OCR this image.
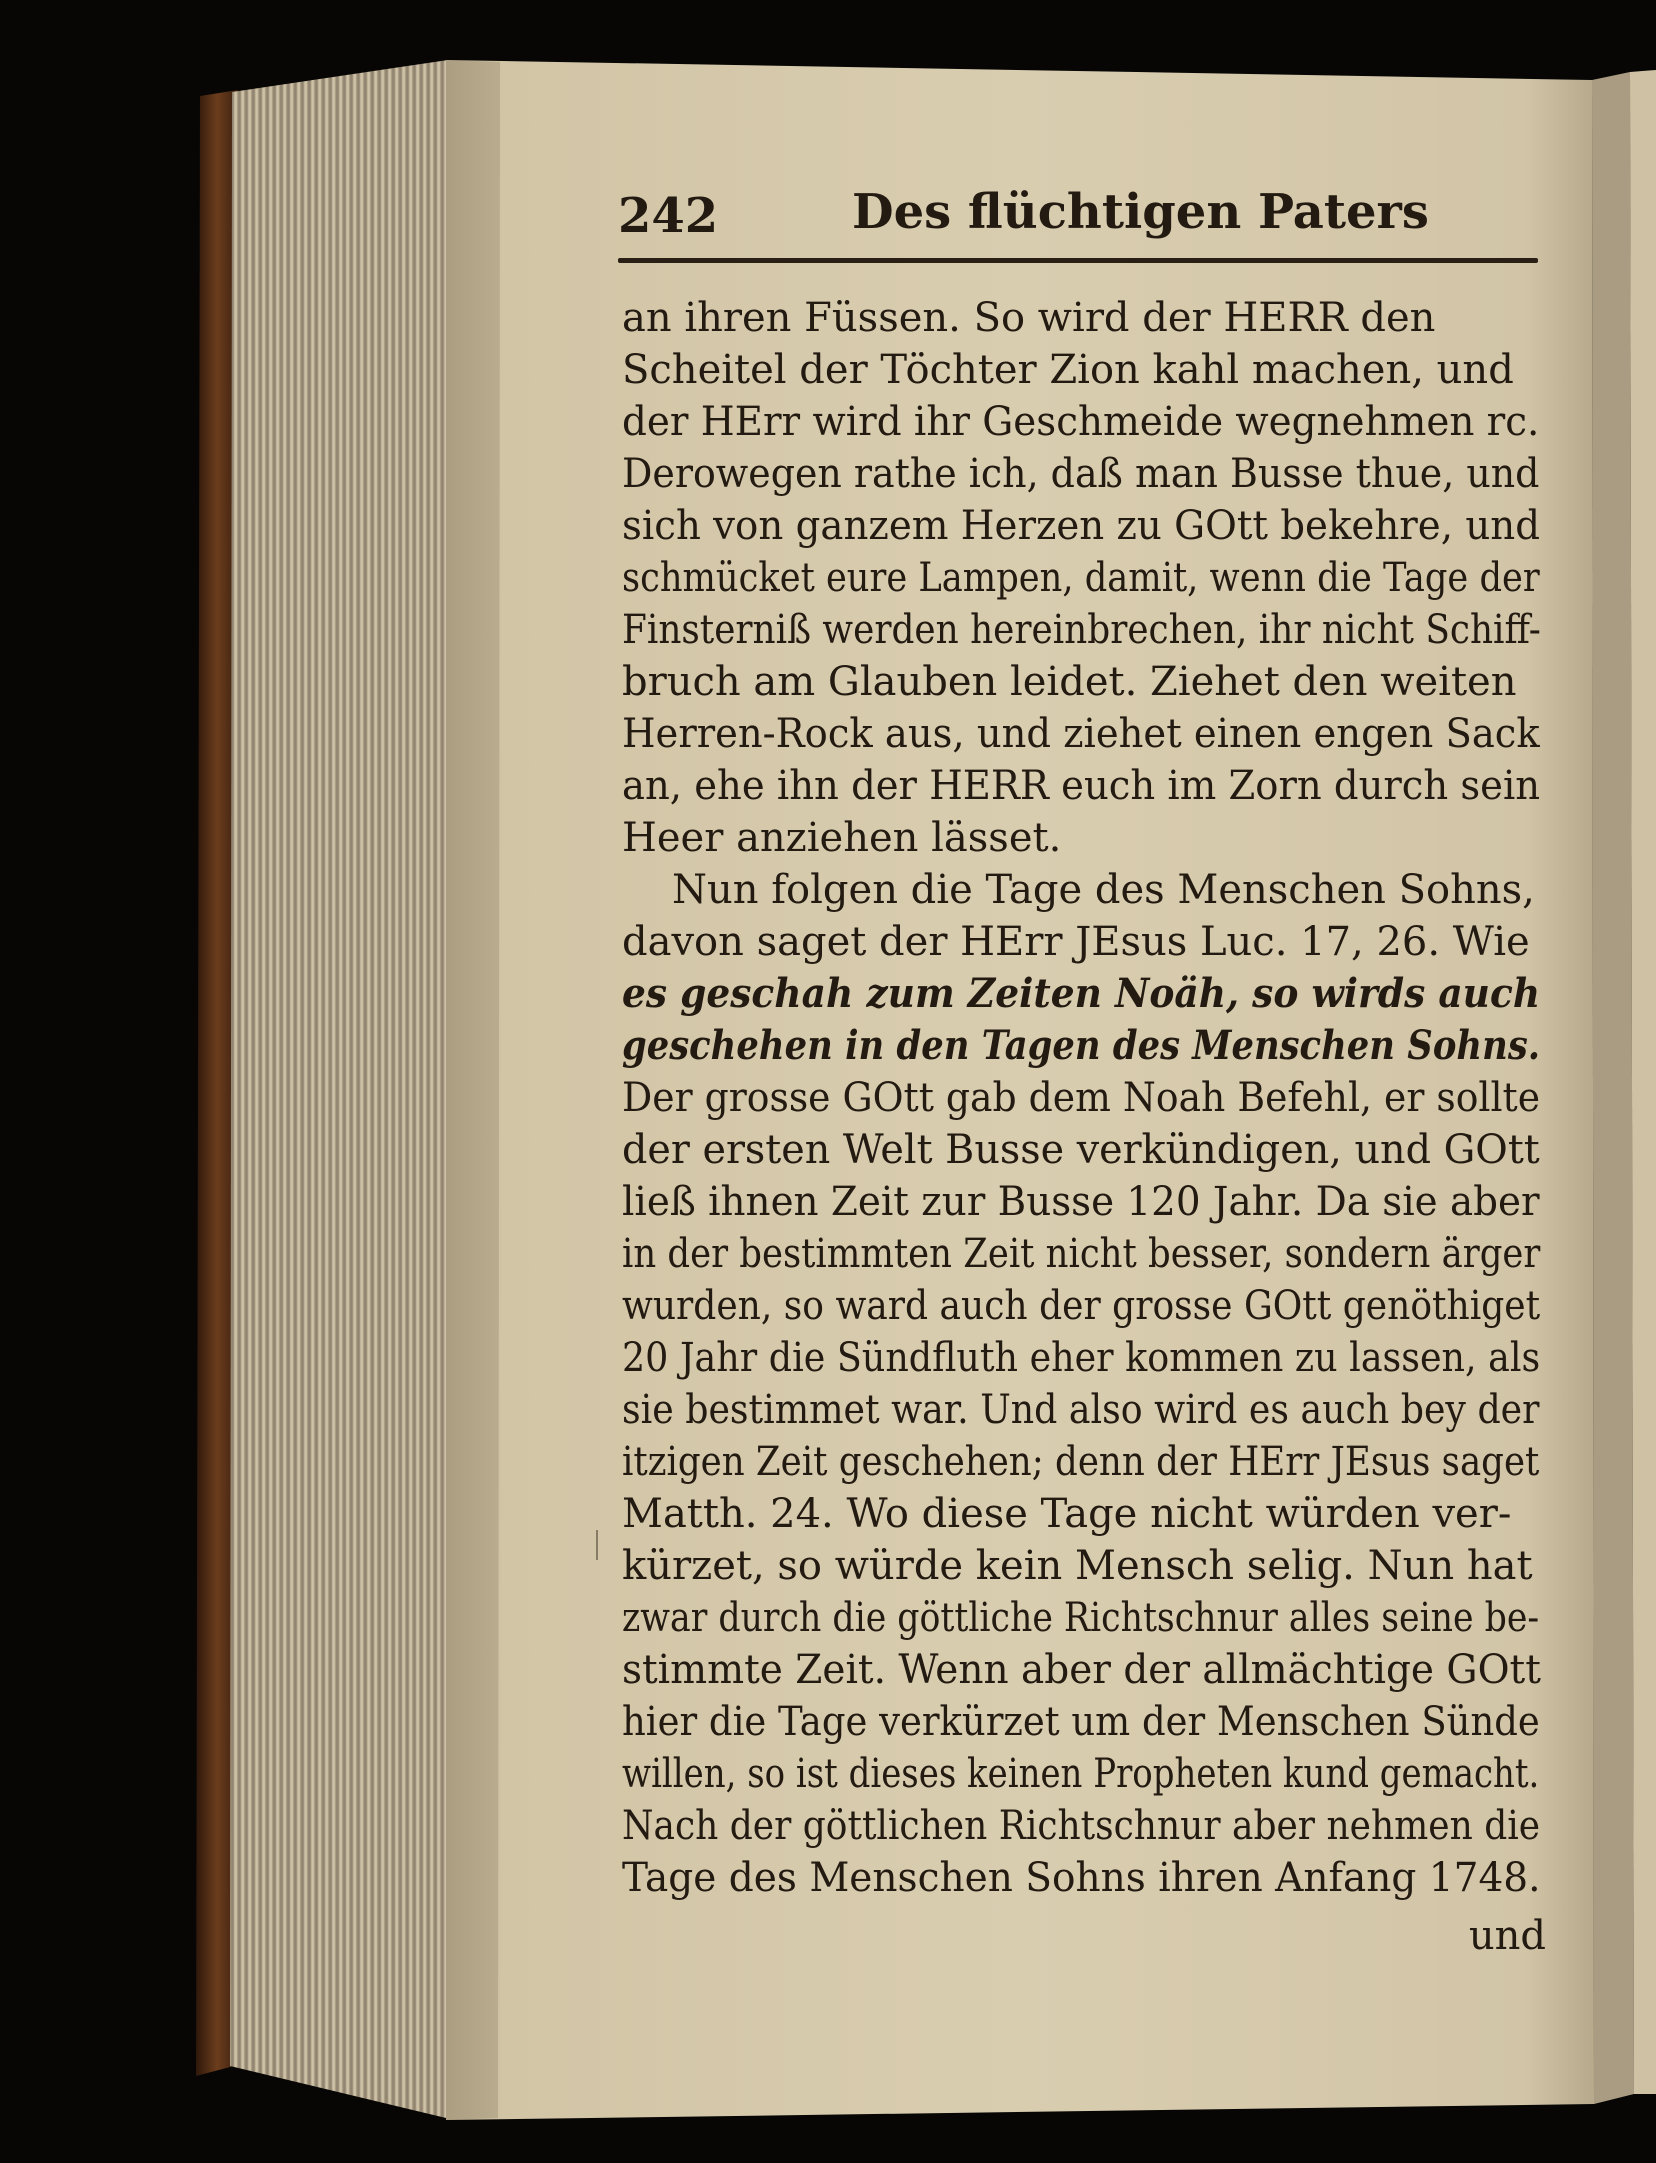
242	Des flüchtigen Paters
an ihren Füssen. So wird der HERR den
Scheitel der Töchter Zion kahl machen, und
der HErr wird ihr Geschmeide wegnehmen rc.
Derowegen rathe ich, daß man Busse thue, und
sich von ganzem Herzen zu GOtt bekehre, und
schmücket eure Lampen, damit, wenn die Tage der
Finsterniß werden hereinbrechen, ihr nicht Schiff-
bruch am Glauben leidet. Ziehet den weiten
Herren-Rock aus, und ziehet einen engen Sack
an, ehe ihn der HERR euch im Zorn durch sein
Heer anziehen lässet.
Nun folgen die Tage des Menschen Sohns,
davon saget der HErr JEsus Luc. 17, 26. Wie
es geschah zum Zeiten Noäh, so wirds auch
geschehen in den Tagen des Menschen Sohns.
Der grosse GOtt gab dem Noah Befehl, er sollte
der ersten Welt Busse verkündigen, und GOtt
ließ ihnen Zeit zur Busse 120 Jahr. Da sie aber
in der bestimmten Zeit nicht besser, sondern ärger
wurden, so ward auch der grosse GOtt genöthiget
20 Jahr die Sündfluth eher kommen zu lassen, als
sie bestimmet war. Und also wird es auch bey der
itzigen Zeit geschehen; denn der HErr JEsus saget
Matth. 24. Wo diese Tage nicht würden ver-
kürzet, so würde kein Mensch selig. Nun hat
zwar durch die göttliche Richtschnur alles seine be-
stimmte Zeit. Wenn aber der allmächtige GOtt
hier die Tage verkürzet um der Menschen Sünde
willen, so ist dieses keinen Propheten kund gemacht.
Nach der göttlichen Richtschnur aber nehmen die
Tage des Menschen Sohns ihren Anfang 1748.
und
